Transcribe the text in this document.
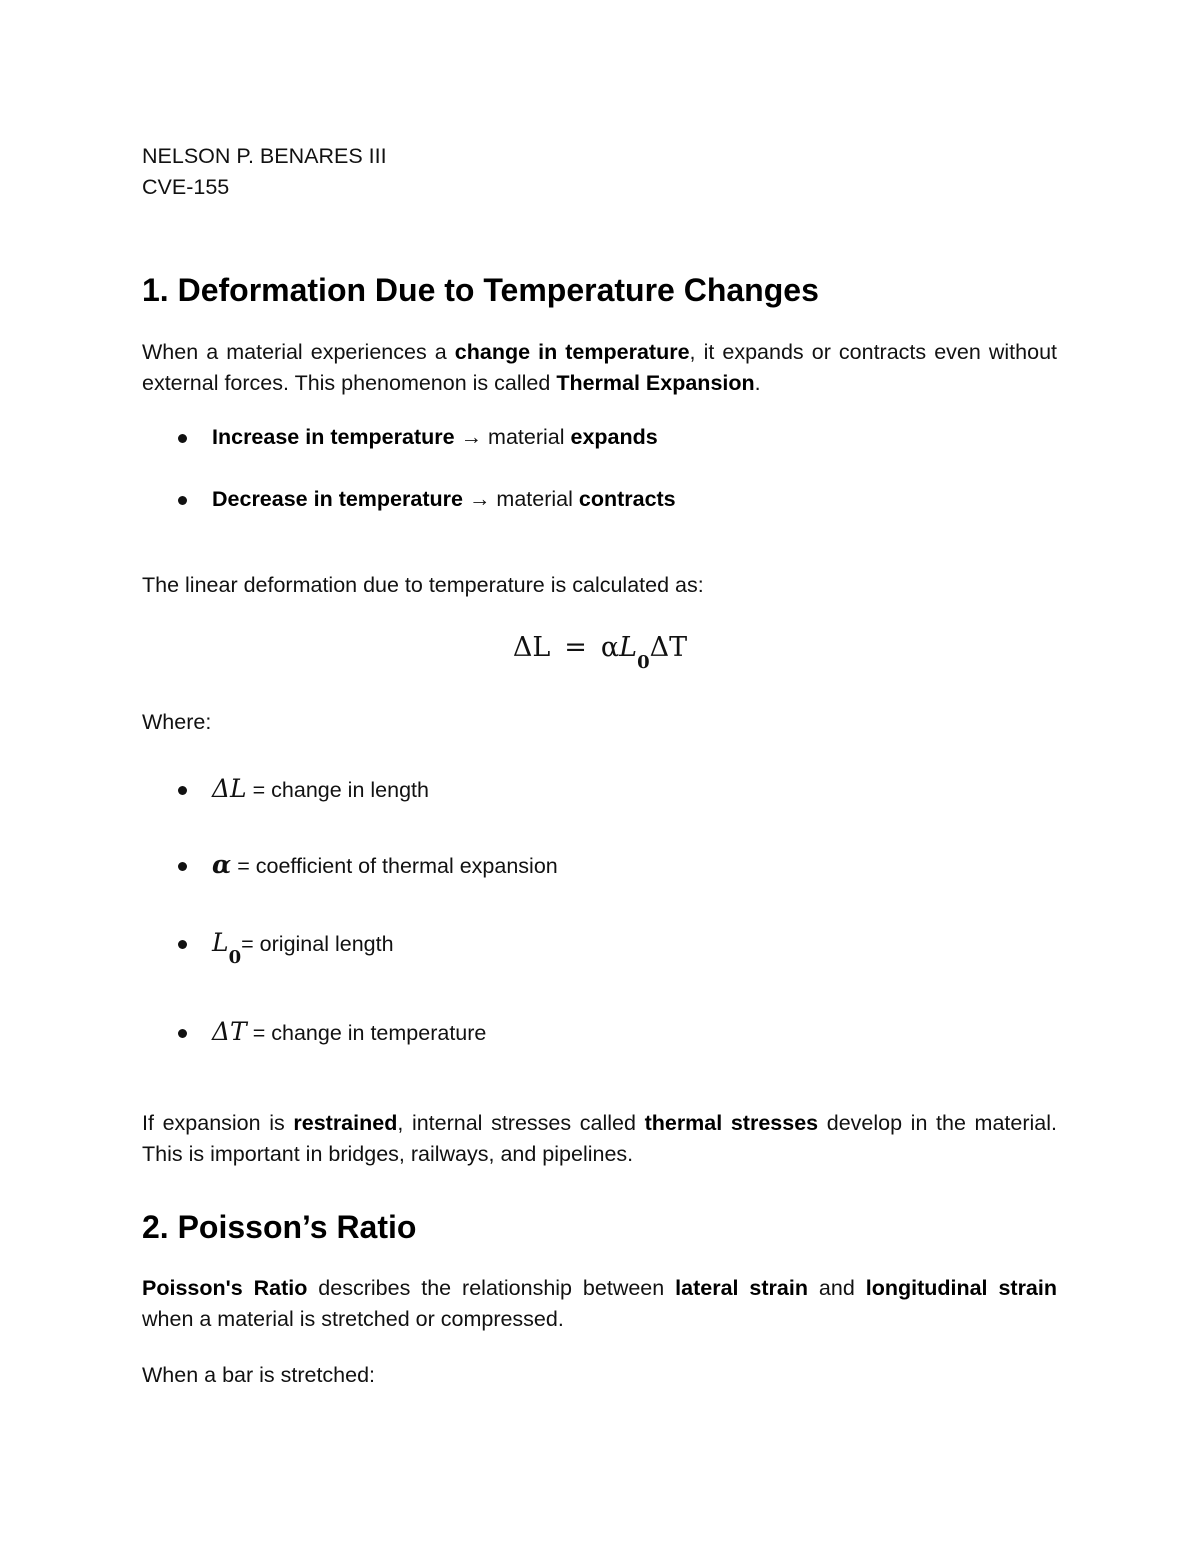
NELSON P. BENARES III
CVE-155
1. Deformation Due to Temperature Changes
When a material experiences a change in temperature, it expands or contracts even without external forces. This phenomenon is called Thermal Expansion.
Increase in temperature → material expands
Decrease in temperature → material contracts
The linear deformation due to temperature is calculated as:
$\Delta L = \alpha L_0\Delta T$
Where:
ΔL = change in length
α = coefficient of thermal expansion
$L_0=$ original length
ΔT = change in temperature
If expansion is restrained, internal stresses called thermal stresses develop in the material. This is important in bridges, railways, and pipelines.
2. Poisson’s Ratio
Poisson's Ratio describes the relationship between lateral strain and longitudinal strain when a material is stretched or compressed.
When a bar is stretched:
